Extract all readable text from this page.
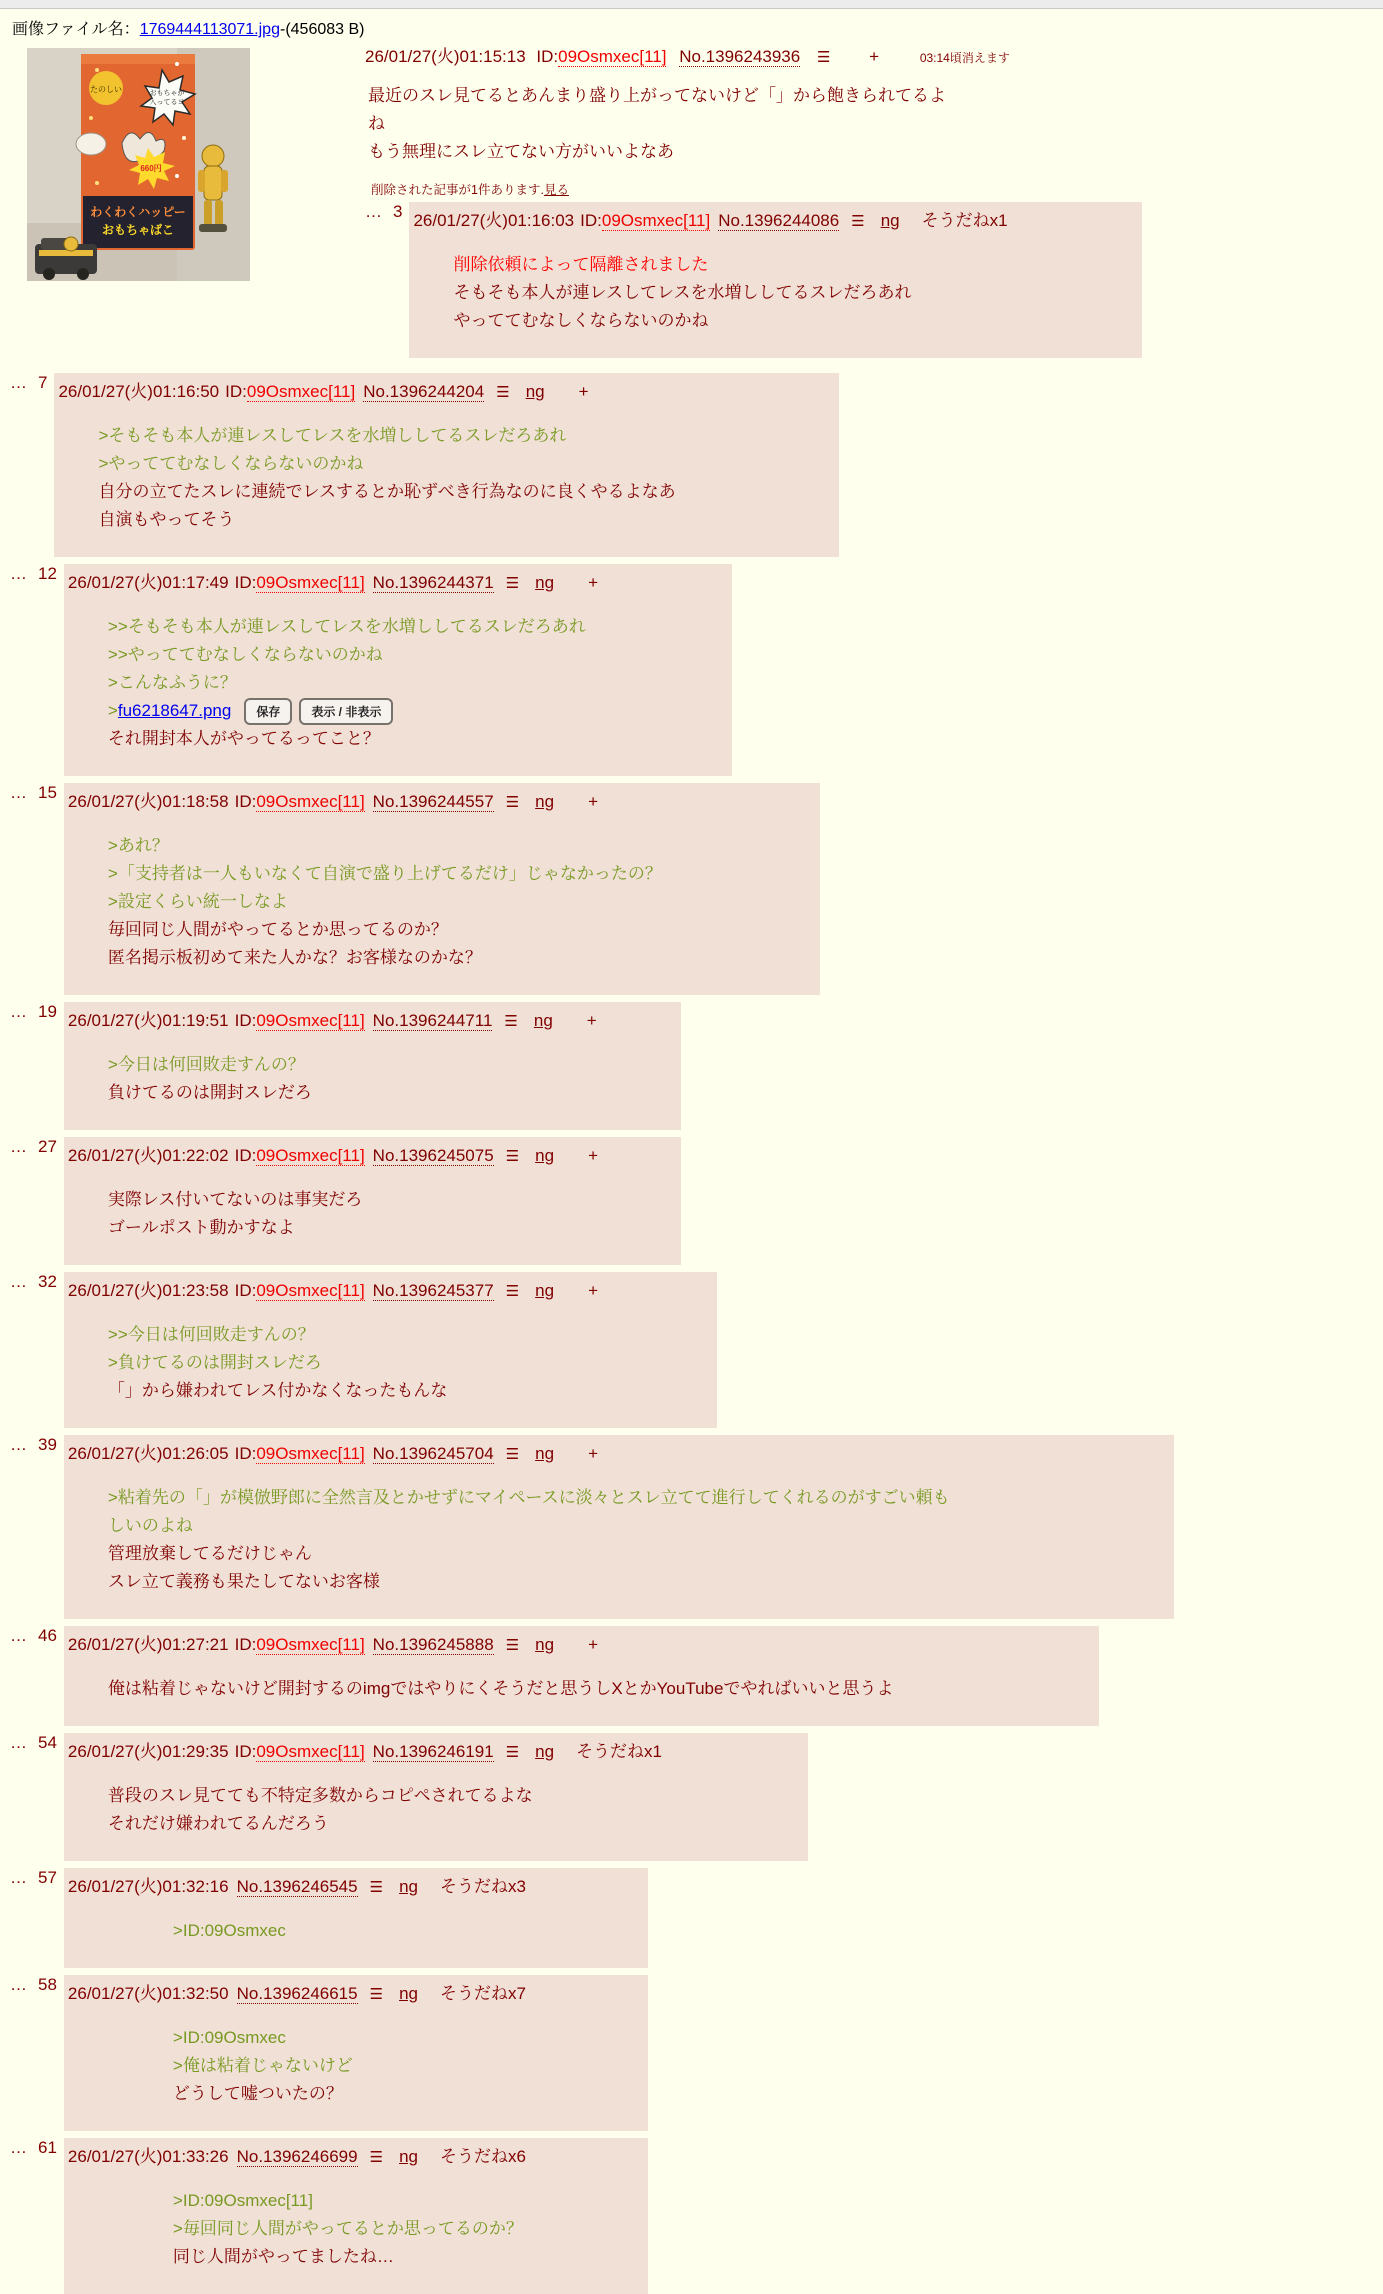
画像ファイル名：1769444113071.jpg-(456083 B)
たのしい	おもちゃが
入ってるヨ
660円
わくわくハッピー
おもちゃばこ
26/01/27(火)01:15:13 ID:09Osmxec[11] No.1396243936 ☰ +	03:14頃消えます
最近のスレ見てるとあんまり盛り上がってないけど「」から飽きられてるよ
ね
もう無理にスレ立てない方がいいよなあ
削除された記事が1件あります.見る
… 3 26/01/27(火)01:16:03 ID:09Osmxec[11] No.1396244086 ☰ ng そうだねx1
削除依頼によって隔離されました
そもそも本人が連レスしてレスを水増ししてるスレだろあれ
やっててむなしくならないのかね
… 7 26/01/27(火)01:16:50 ID:09Osmxec[11] No.1396244204 ☰ ng +
>そもそも本人が連レスしてレスを水増ししてるスレだろあれ
>やっててむなしくならないのかね
自分の立てたスレに連続でレスするとか恥ずべき行為なのに良くやるよなあ
自演もやってそう
… 12 26/01/27(火)01:17:49 ID:09Osmxec[11] No.1396244371 ☰ ng +
>>そもそも本人が連レスしてレスを水増ししてるスレだろあれ
>>やっててむなしくならないのかね
>こんなふうに？
>fu6218647.png 保存	表示 / 非表示
それ開封本人がやってるってこと？
… 15 26/01/27(火)01:18:58 ID:09Osmxec[11] No.1396244557 ☰ ng +
>あれ？
>「支持者は一人もいなくて自演で盛り上げてるだけ」じゃなかったの？
>設定くらい統一しなよ
毎回同じ人間がやってるとか思ってるのか？
匿名掲示板初めて来た人かな？お客様なのかな？
… 19 26/01/27(火)01:19:51 ID:09Osmxec[11] No.1396244711 ☰ ng +
>今日は何回敗走すんの？
負けてるのは開封スレだろ
… 27 26/01/27(火)01:22:02 ID:09Osmxec[11] No.1396245075 ☰ ng +
実際レス付いてないのは事実だろ
ゴールポスト動かすなよ
… 32 26/01/27(火)01:23:58 ID:09Osmxec[11] No.1396245377 ☰ ng +
>>今日は何回敗走すんの？
>負けてるのは開封スレだろ
「」から嫌われてレス付かなくなったもんな
… 39 26/01/27(火)01:26:05 ID:09Osmxec[11] No.1396245704 ☰ ng +
>粘着先の「」が模倣野郎に全然言及とかせずにマイペースに淡々とスレ立てて進行してくれるのがすごい頼も
しいのよね
管理放棄してるだけじゃん
スレ立て義務も果たしてないお客様
… 46 26/01/27(火)01:27:21 ID:09Osmxec[11] No.1396245888 ☰ ng +
俺は粘着じゃないけど開封するのimgではやりにくそうだと思うしXとかYouTubeでやればいいと思うよ
… 54 26/01/27(火)01:29:35 ID:09Osmxec[11] No.1396246191 ☰ ng そうだねx1
普段のスレ見てても不特定多数からコピペされてるよな
それだけ嫌われてるんだろう
… 57 26/01/27(火)01:32:16 No.1396246545 ☰ ng そうだねx3
>ID:09Osmxec
… 58 26/01/27(火)01:32:50 No.1396246615 ☰ ng そうだねx7
>ID:09Osmxec
>俺は粘着じゃないけど
どうして嘘ついたの？
… 61 26/01/27(火)01:33:26 No.1396246699 ☰ ng そうだねx6
>ID:09Osmxec[11]
>毎回同じ人間がやってるとか思ってるのか？
同じ人間がやってましたね…
